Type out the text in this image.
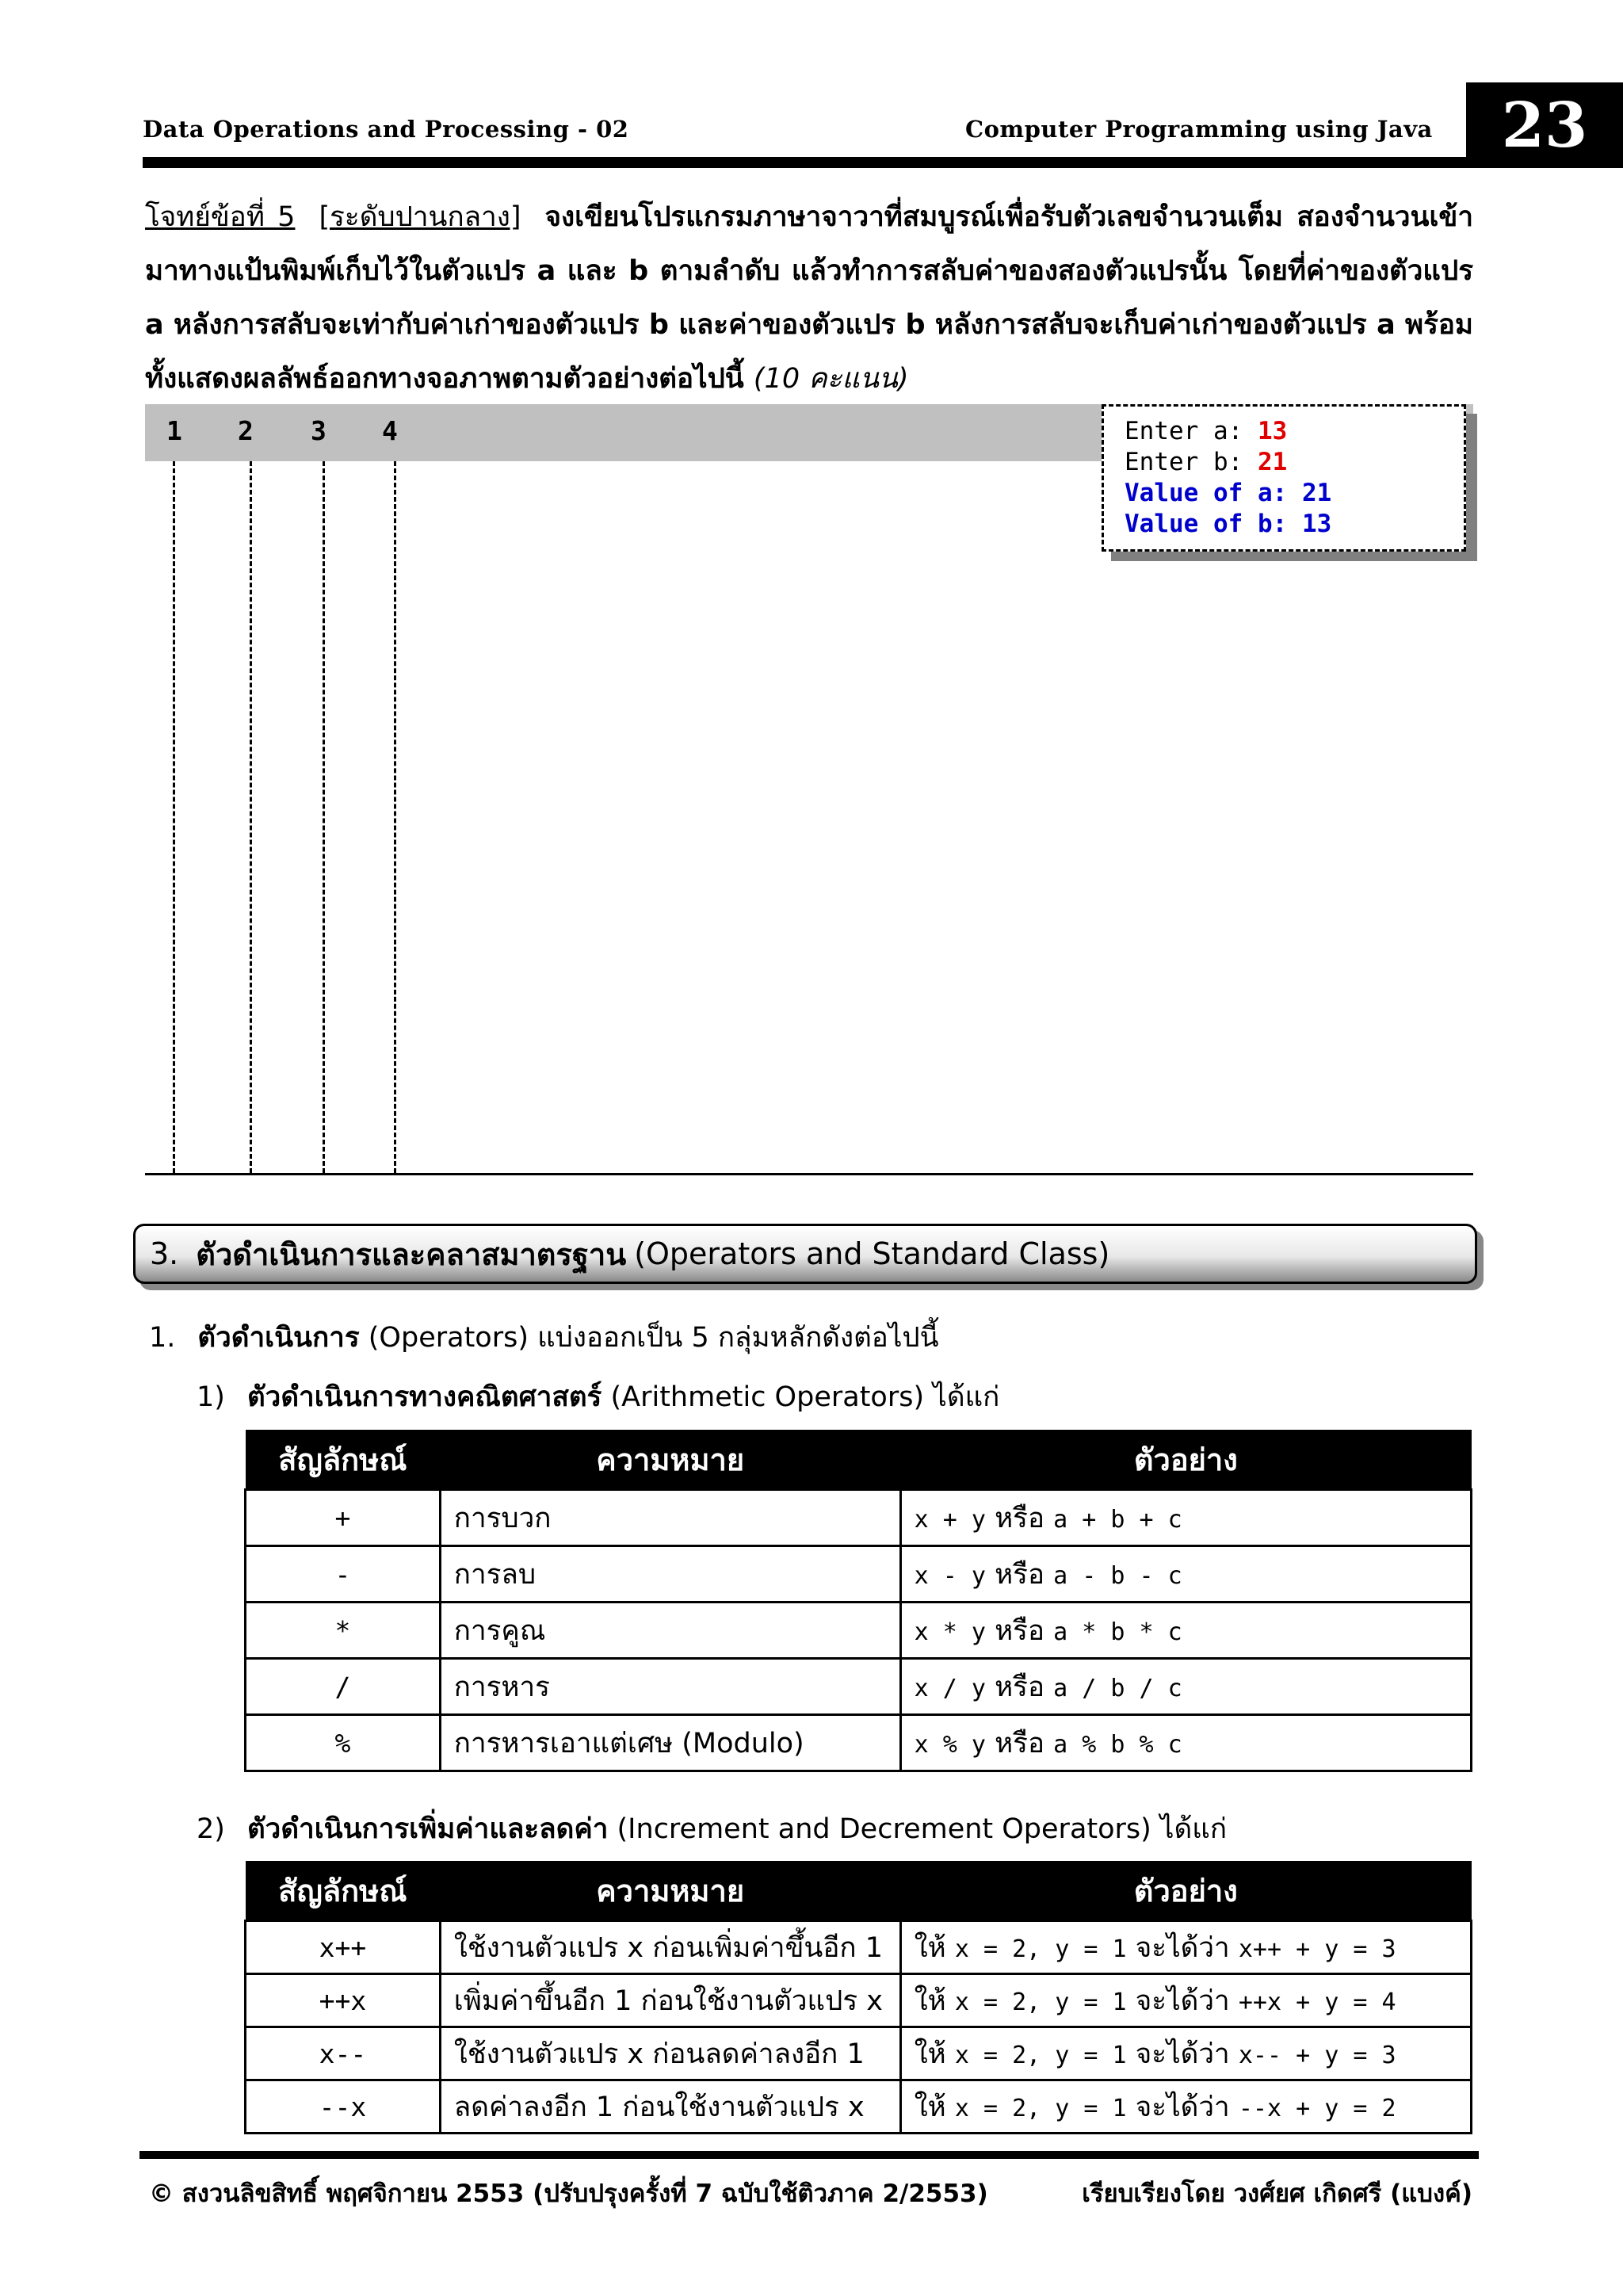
Data Operations and Processing - 02	Computer Programming using Java	23
โจทย์ข้อที่ 5 [ระดับปานกลาง] จงเขียนโปรแกรมภาษาจาวาที่สมบูรณ์เพื่อรับตัวเลขจำนวนเต็ม สองจำนวนเข้ามาทางแป้นพิมพ์เก็บไว้ในตัวแปร a และ b ตามลำดับ แล้วทำการสลับค่าของสองตัวแปรนั้น โดยที่ค่าของตัวแปร a หลังการสลับจะเท่ากับค่าเก่าของตัวแปร b และค่าของตัวแปร b หลังการสลับจะเก็บค่าเก่าของตัวแปร a พร้อมทั้งแสดงผลลัพธ์ออกทางจอภาพตามตัวอย่างต่อไปนี้ (10 คะแนน)
1 2 3 4	Enter a: 13
Enter b: 21
Value of a: 21
Value of b: 13
3. ตัวดำเนินการและคลาสมาตรฐาน (Operators and Standard Class)
1. ตัวดำเนินการ (Operators) แบ่งออกเป็น 5 กลุ่มหลักดังต่อไปนี้
1) ตัวดำเนินการทางคณิตศาสตร์ (Arithmetic Operators) ได้แก่
สัญลักษณ์	ความหมาย	ตัวอย่าง
+	การบวก	x + y หรือ a + b + c
-	การลบ	x - y หรือ a - b - c
*	การคูณ	x * y หรือ a * b * c
/	การหาร	x / y หรือ a / b / c
%	การหารเอาแต่เศษ (Modulo)	x % y หรือ a % b % c
2) ตัวดำเนินการเพิ่มค่าและลดค่า (Increment and Decrement Operators) ได้แก่
สัญลักษณ์	ความหมาย	ตัวอย่าง
x++	ใช้งานตัวแปร x ก่อนเพิ่มค่าขึ้นอีก 1	ให้ x = 2, y = 1 จะได้ว่า x++ + y = 3
++x	เพิ่มค่าขึ้นอีก 1 ก่อนใช้งานตัวแปร x	ให้ x = 2, y = 1 จะได้ว่า ++x + y = 4
x--	ใช้งานตัวแปร x ก่อนลดค่าลงอีก 1	ให้ x = 2, y = 1 จะได้ว่า x-- + y = 3
--x	ลดค่าลงอีก 1 ก่อนใช้งานตัวแปร x	ให้ x = 2, y = 1 จะได้ว่า --x + y = 2
© สงวนลิขสิทธิ์ พฤศจิกายน 2553 (ปรับปรุงครั้งที่ 7 ฉบับใช้ติวภาค 2/2553)	เรียบเรียงโดย วงศ์ยศ เกิดศรี (แบงค์)
